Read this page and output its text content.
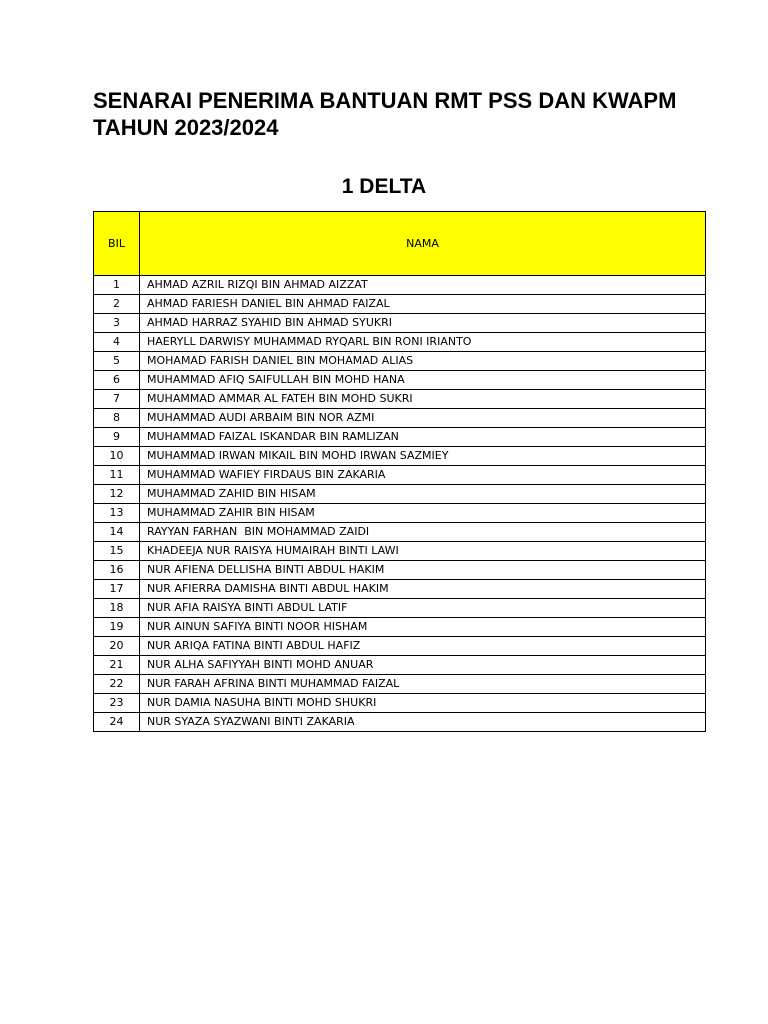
SENARAI PENERIMA BANTUAN RMT PSS DAN KWAPM TAHUN 2023/2024
1 DELTA
BIL	NAMA
1	AHMAD AZRIL RIZQI BIN AHMAD AIZZAT
2	AHMAD FARIESH DANIEL BIN AHMAD FAIZAL
3	AHMAD HARRAZ SYAHID BIN AHMAD SYUKRI
4	HAERYLL DARWISY MUHAMMAD RYQARL BIN RONI IRIANTO
5	MOHAMAD FARISH DANIEL BIN MOHAMAD ALIAS
6	MUHAMMAD AFIQ SAIFULLAH BIN MOHD HANA
7	MUHAMMAD AMMAR AL FATEH BIN MOHD SUKRI
8	MUHAMMAD AUDI ARBAIM BIN NOR AZMI
9	MUHAMMAD FAIZAL ISKANDAR BIN RAMLIZAN
10	MUHAMMAD IRWAN MIKAIL BIN MOHD IRWAN SAZMIEY
11	MUHAMMAD WAFIEY FIRDAUS BIN ZAKARIA
12	MUHAMMAD ZAHID BIN HISAM
13	MUHAMMAD ZAHIR BIN HISAM
14	RAYYAN FARHAN  BIN MOHAMMAD ZAIDI
15	KHADEEJA NUR RAISYA HUMAIRAH BINTI LAWI
16	NUR AFIENA DELLISHA BINTI ABDUL HAKIM
17	NUR AFIERRA DAMISHA BINTI ABDUL HAKIM
18	NUR AFIA RAISYA BINTI ABDUL LATIF
19	NUR AINUN SAFIYA BINTI NOOR HISHAM
20	NUR ARIQA FATINA BINTI ABDUL HAFIZ
21	NUR ALHA SAFIYYAH BINTI MOHD ANUAR
22	NUR FARAH AFRINA BINTI MUHAMMAD FAIZAL
23	NUR DAMIA NASUHA BINTI MOHD SHUKRI
24	NUR SYAZA SYAZWANI BINTI ZAKARIA
